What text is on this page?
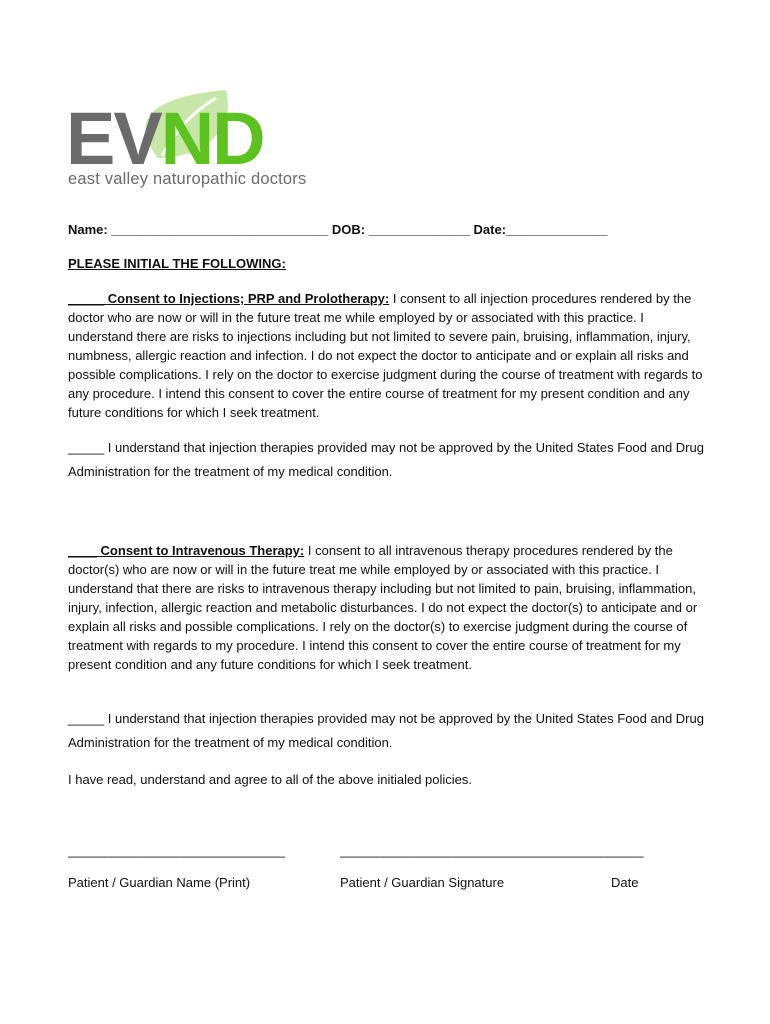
EVND
east valley naturopathic doctors
Name: ______________________________ DOB: ______________ Date:______________
PLEASE INITIAL THE FOLLOWING:
_____ Consent to Injections; PRP and Prolotherapy: I consent to all injection procedures rendered by the doctor who are now or will in the future treat me while employed by or associated with this practice. I understand there are risks to injections including but not limited to severe pain, bruising, inflammation, injury, numbness, allergic reaction and infection. I do not expect the doctor to anticipate and or explain all risks and possible complications. I rely on the doctor to exercise judgment during the course of treatment with regards to any procedure. I intend this consent to cover the entire course of treatment for my present condition and any future conditions for which I seek treatment.
_____ I understand that injection therapies provided may not be approved by the United States Food and Drug Administration for the treatment of my medical condition.
____ Consent to Intravenous Therapy: I consent to all intravenous therapy procedures rendered by the doctor(s) who are now or will in the future treat me while employed by or associated with this practice. I understand that there are risks to intravenous therapy including but not limited to pain, bruising, inflammation, injury, infection, allergic reaction and metabolic disturbances. I do not expect the doctor(s) to anticipate and or explain all risks and possible complications. I rely on the doctor(s) to exercise judgment during the course of treatment with regards to my procedure. I intend this consent to cover the entire course of treatment for my present condition and any future conditions for which I seek treatment.
_____ I understand that injection therapies provided may not be approved by the United States Food and Drug Administration for the treatment of my medical condition.
I have read, understand and agree to all of the above initialed policies.
______________________________	__________________________________________
Patient / Guardian Name (Print)	Patient / Guardian Signature	Date
